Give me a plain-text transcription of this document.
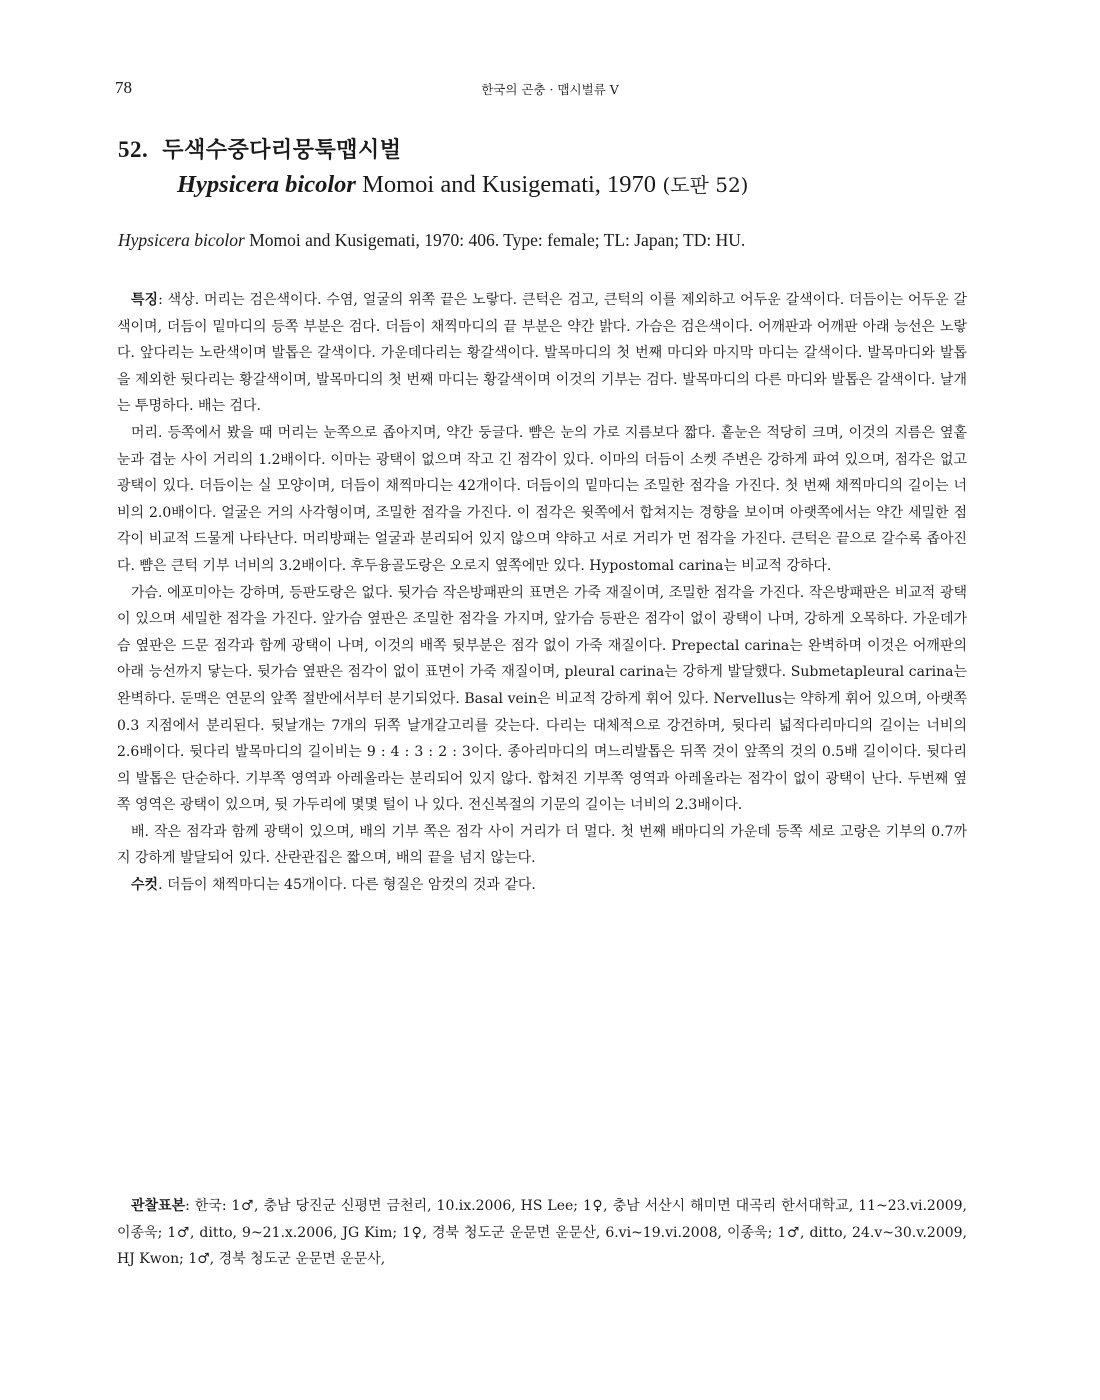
78	한국의 곤충 · 맵시벌류 V
52. 두색수중다리뭉툭맵시벌
Hypsicera bicolor Momoi and Kusigemati, 1970 (도판 52)
Hypsicera bicolor Momoi and Kusigemati, 1970: 406. Type: female; TL: Japan; TD: HU.

특징: 색상. 머리는 검은색이다. 수염, 얼굴의 위쪽 끝은 노랗다. 큰턱은 검고, 큰턱의 이를 제외하고 어두운 갈색이다. 더듬이는 어두운 갈색이며, 더듬이 밑마디의 등쪽 부분은 검다. 더듬이 채찍마디의 끝 부분은 약간 밝다. 가슴은 검은색이다. 어깨판과 어깨판 아래 능선은 노랗다. 앞다리는 노란색이며 발톱은 갈색이다. 가운데다리는 황갈색이다. 발목마디의 첫 번째 마디와 마지막 마디는 갈색이다. 발목마디와 발톱을 제외한 뒷다리는 황갈색이며, 발목마디의 첫 번째 마디는 황갈색이며 이것의 기부는 검다. 발목마디의 다른 마디와 발톱은 갈색이다. 날개는 투명하다. 배는 검다.

머리. 등쪽에서 봤을 때 머리는 눈쪽으로 좁아지며, 약간 둥글다. 뺨은 눈의 가로 지름보다 짧다. 홑눈은 적당히 크며, 이것의 지름은 옆홑눈과 겹눈 사이 거리의 1.2배이다. 이마는 광택이 없으며 작고 긴 점각이 있다. 이마의 더듬이 소켓 주변은 강하게 파여 있으며, 점각은 없고 광택이 있다. 더듬이는 실 모양이며, 더듬이 채찍마디는 42개이다. 더듬이의 밑마디는 조밀한 점각을 가진다. 첫 번째 채찍마디의 길이는 너비의 2.0배이다. 얼굴은 거의 사각형이며, 조밀한 점각을 가진다. 이 점각은 윗쪽에서 합쳐지는 경향을 보이며 아랫쪽에서는 약간 세밀한 점각이 비교적 드물게 나타난다. 머리방패는 얼굴과 분리되어 있지 않으며 약하고 서로 거리가 먼 점각을 가진다. 큰턱은 끝으로 갈수록 좁아진다. 뺨은 큰턱 기부 너비의 3.2배이다. 후두융골도랑은 오로지 옆쪽에만 있다. Hypostomal carina는 비교적 강하다.

가슴. 에포미아는 강하며, 등판도랑은 없다. 뒷가슴 작은방패판의 표면은 가죽 재질이며, 조밀한 점각을 가진다. 작은방패판은 비교적 광택이 있으며 세밀한 점각을 가진다. 앞가슴 옆판은 조밀한 점각을 가지며, 앞가슴 등판은 점각이 없이 광택이 나며, 강하게 오목하다. 가운데가슴 옆판은 드문 점각과 함께 광택이 나며, 이것의 배쪽 뒷부분은 점각 없이 가죽 재질이다. Prepectal carina는 완벽하며 이것은 어깨판의 아래 능선까지 닿는다. 뒷가슴 옆판은 점각이 없이 표면이 가죽 재질이며, pleural carina는 강하게 발달했다. Submetapleural carina는 완벽하다. 둔맥은 연문의 앞쪽 절반에서부터 분기되었다. Basal vein은 비교적 강하게 휘어 있다. Nervellus는 약하게 휘어 있으며, 아랫쪽 0.3 지점에서 분리된다. 뒷날개는 7개의 뒤쪽 날개갈고리를 갖는다. 다리는 대체적으로 강건하며, 뒷다리 넓적다리마디의 길이는 너비의 2.6배이다. 뒷다리 발목마디의 길이비는 9 : 4 : 3 : 2 : 3이다. 종아리마디의 며느리발톱은 뒤쪽 것이 앞쪽의 것의 0.5배 길이이다. 뒷다리의 발톱은 단순하다. 기부쪽 영역과 아레올라는 분리되어 있지 않다. 합쳐진 기부쪽 영역과 아레올라는 점각이 없이 광택이 난다. 두번째 옆쪽 영역은 광택이 있으며, 뒷 가두리에 몇몇 털이 나 있다. 전신복절의 기문의 길이는 너비의 2.3배이다.

배. 작은 점각과 함께 광택이 있으며, 배의 기부 쪽은 점각 사이 거리가 더 멀다. 첫 번째 배마디의 가운데 등쪽 세로 고랑은 기부의 0.7까지 강하게 발달되어 있다. 산란관집은 짧으며, 배의 끝을 넘지 않는다.

수컷. 더듬이 채찍마디는 45개이다. 다른 형질은 암컷의 것과 같다.

관찰표본: 한국: 1♂, 충남 당진군 신평면 금천리, 10.ix.2006, HS Lee; 1♀, 충남 서산시 해미면 대곡리 한서대학교, 11~23.vi.2009, 이종욱; 1♂, ditto, 9~21.x.2006, JG Kim; 1♀, 경북 청도군 운문면 운문산, 6.vi~19.vi.2008, 이종욱; 1♂, ditto, 24.v~30.v.2009, HJ Kwon; 1♂, 경북 청도군 운문면 운문사,
